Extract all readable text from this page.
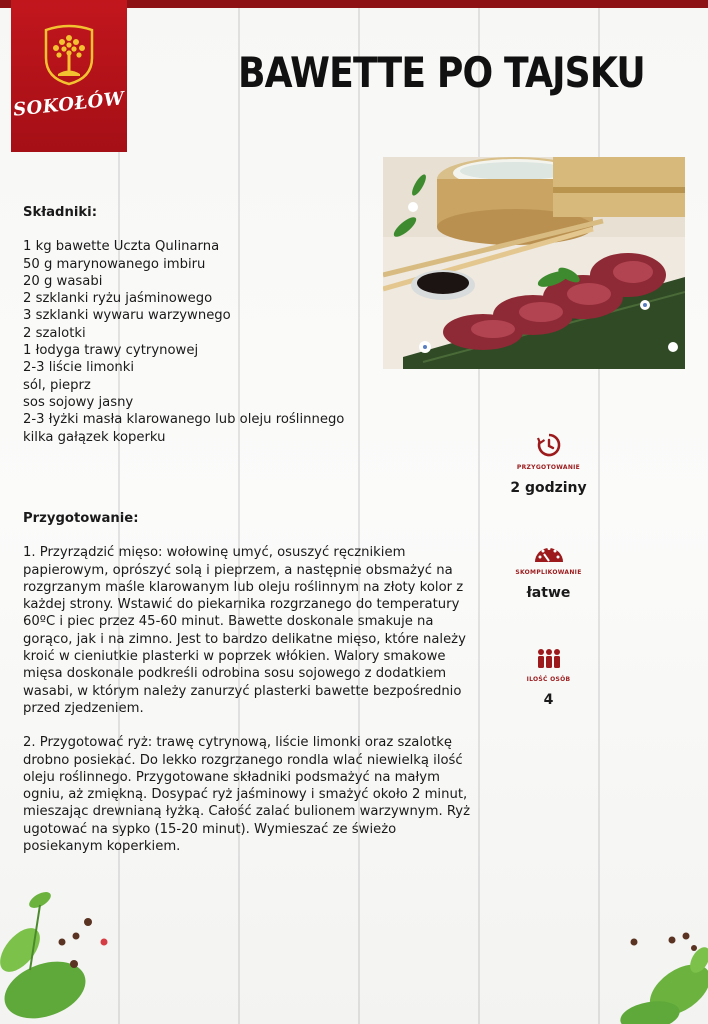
SOKOŁÓW
BAWETTE PO TAJSKU
Składniki:
1 kg bawette Uczta Qulinarna
50 g marynowanego imbiru
20 g wasabi
2 szklanki ryżu jaśminowego
3 szklanki wywaru warzywnego
2 szalotki
1 łodyga trawy cytrynowej
2-3 liście limonki
sól, pieprz
sos sojowy jasny
2-3 łyżki masła klarowanego lub oleju roślinnego
kilka gałązek koperku
Przygotowanie:

1. Przyrządzić mięso: wołowinę umyć, osuszyć ręcznikiem papierowym, oprószyć solą i pieprzem, a następnie obsmażyć na rozgrzanym maśle klarowanym lub oleju roślinnym na złoty kolor z każdej strony. Wstawić do piekarnika rozgrzanego do temperatury 60ºC i piec przez 45-60 minut. Bawette doskonale smakuje na gorąco, jak i na zimno. Jest to bardzo delikatne mięso, które należy kroić w cieniutkie plasterki w poprzek włókien. Walory smakowe mięsa doskonale podkreśli odrobina sosu sojowego z dodatkiem wasabi, w którym należy zanurzyć plasterki bawette bezpośrednio przed zjedzeniem.

2. Przygotować ryż: trawę cytrynową, liście limonki oraz szalotkę drobno posiekać. Do lekko rozgrzanego rondla wlać niewielką ilość oleju roślinnego. Przygotowane składniki podsmażyć na małym ogniu, aż zmiękną. Dosypać ryż jaśminowy i smażyć około 2 minut, mieszając drewnianą łyżką. Całość zalać bulionem warzywnym. Ryż ugotować na sypko (15-20 minut). Wymieszać ze świeżo posiekanym koperkiem.

PRZYGOTOWANIE
2 godziny
SKOMPLIKOWANIE
łatwe
ILOŚĆ OSÓB
4
